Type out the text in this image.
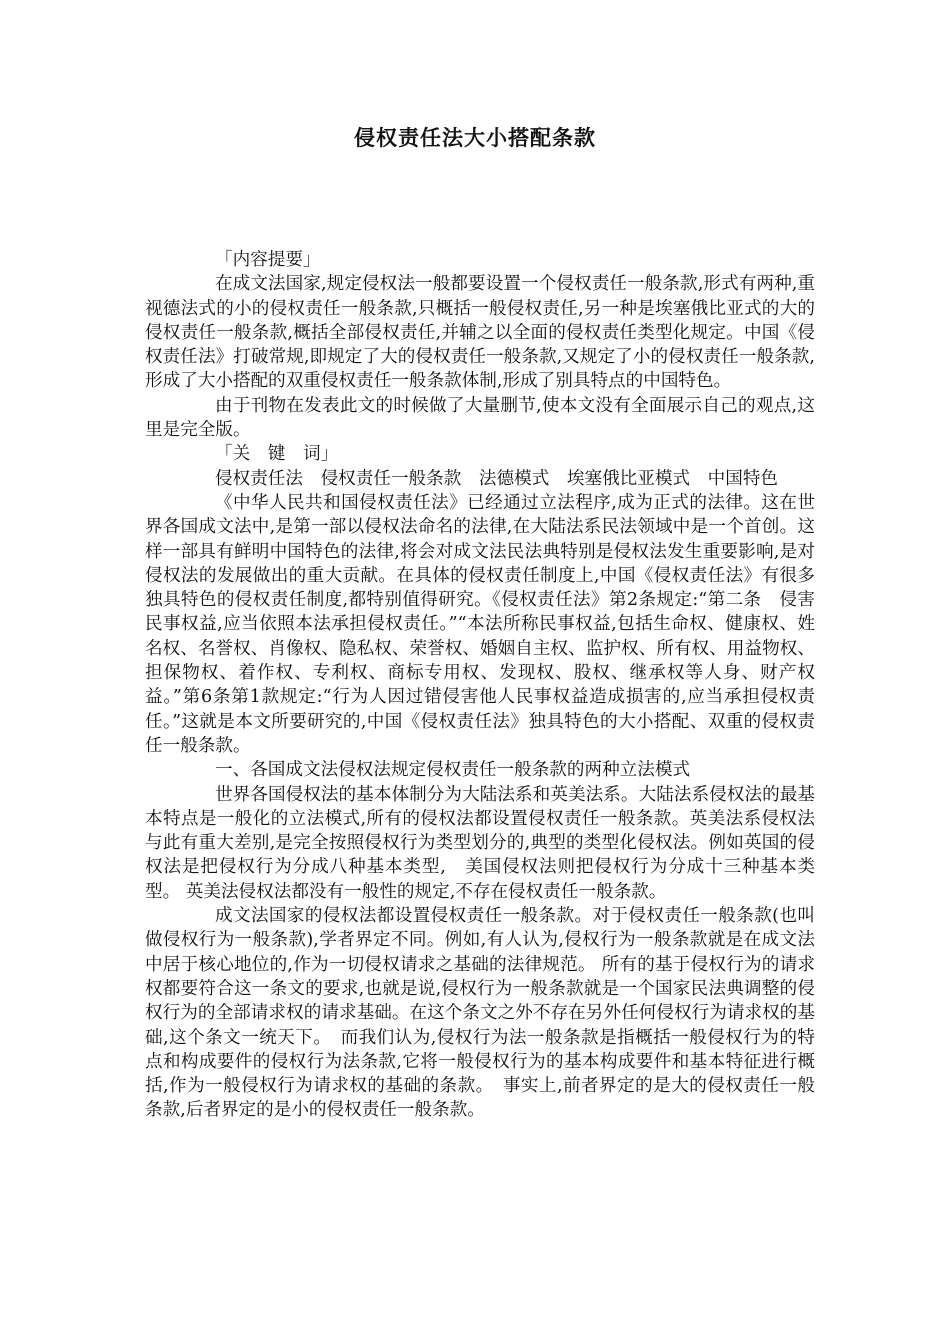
侵权责任法大小搭配条款

「内容提要」

在成文法国家,规定侵权法一般都要设置一个侵权责任一般条款,形式有两种,重视德法式的小的侵权责任一般条款,只概括一般侵权责任,另一种是埃塞俄比亚式的大的侵权责任一般条款,概括全部侵权责任,并辅之以全面的侵权责任类型化规定。中国《侵权责任法》打破常规,即规定了大的侵权责任一般条款,又规定了小的侵权责任一般条款,形成了大小搭配的双重侵权责任一般条款体制,形成了别具特点的中国特色。

由于刊物在发表此文的时候做了大量删节,使本文没有全面展示自己的观点,这里是完全版。

「关　键　词」

侵权责任法　侵权责任一般条款　法德模式　埃塞俄比亚模式　中国特色

《中华人民共和国侵权责任法》已经通过立法程序,成为正式的法律。这在世界各国成文法中,是第一部以侵权法命名的法律,在大陆法系民法领域中是一个首创。这样一部具有鲜明中国特色的法律,将会对成文法民法典特别是侵权法发生重要影响,是对侵权法的发展做出的重大贡献。在具体的侵权责任制度上,中国《侵权责任法》有很多独具特色的侵权责任制度,都特别值得研究。《侵权责任法》第2条规定:“第二条　侵害民事权益,应当依照本法承担侵权责任。”“本法所称民事权益,包括生命权、健康权、姓名权、名誉权、肖像权、隐私权、荣誉权、婚姻自主权、监护权、所有权、用益物权、担保物权、着作权、专利权、商标专用权、发现权、股权、继承权等人身、财产权益。”第6条第1款规定:“行为人因过错侵害他人民事权益造成损害的,应当承担侵权责任。”这就是本文所要研究的,中国《侵权责任法》独具特色的大小搭配、双重的侵权责任一般条款。

一、各国成文法侵权法规定侵权责任一般条款的两种立法模式

世界各国侵权法的基本体制分为大陆法系和英美法系。大陆法系侵权法的最基本特点是一般化的立法模式,所有的侵权法都设置侵权责任一般条款。英美法系侵权法与此有重大差别,是完全按照侵权行为类型划分的,典型的类型化侵权法。例如英国的侵权法是把侵权行为分成八种基本类型,　美国侵权法则把侵权行为分成十三种基本类型。 英美法侵权法都没有一般性的规定,不存在侵权责任一般条款。

成文法国家的侵权法都设置侵权责任一般条款。对于侵权责任一般条款(也叫做侵权行为一般条款),学者界定不同。例如,有人认为,侵权行为一般条款就是在成文法中居于核心地位的,作为一切侵权请求之基础的法律规范。 所有的基于侵权行为的请求权都要符合这一条文的要求,也就是说,侵权行为一般条款就是一个国家民法典调整的侵权行为的全部请求权的请求基础。在这个条文之外不存在另外任何侵权行为请求权的基础,这个条文一统天下。　而我们认为,侵权行为法一般条款是指概括一般侵权行为的特点和构成要件的侵权行为法条款,它将一般侵权行为的基本构成要件和基本特征进行概括,作为一般侵权行为请求权的基础的条款。　事实上,前者界定的是大的侵权责任一般条款,后者界定的是小的侵权责任一般条款。
